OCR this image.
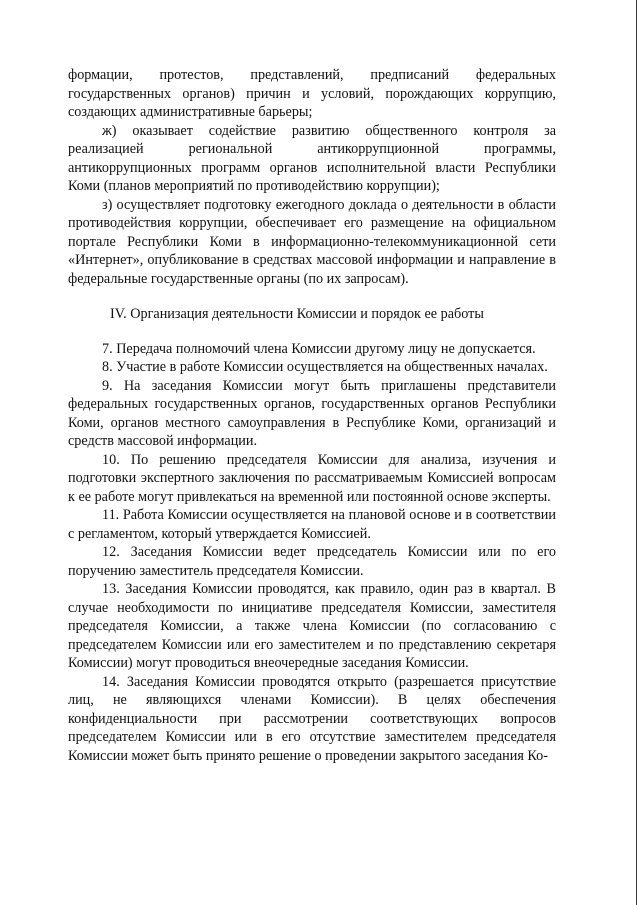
формации, протестов, представлений, предписаний федеральных государственных органов) причин и условий, порождающих коррупцию, создающих административные барьеры;

ж) оказывает содействие развитию общественного контроля за реализацией региональной антикоррупционной программы, антикоррупционных программ органов исполнительной власти Республики Коми (планов мероприятий по противодействию коррупции);

з) осуществляет подготовку ежегодного доклада о деятельности в области противодействия коррупции, обеспечивает его размещение на официальном портале Республики Коми в информационно-телекоммуникационной сети «Интернет», опубликование в средствах массовой информации и направление в федеральные государственные органы (по их запросам).

IV. Организация деятельности Комиссии и порядок ее работы

7. Передача полномочий члена Комиссии другому лицу не допускается.

8. Участие в работе Комиссии осуществляется на общественных началах.

9. На заседания Комиссии могут быть приглашены представители федеральных государственных органов, государственных органов Республики Коми, органов местного самоуправления в Республике Коми, организаций и средств массовой информации.

10. По решению председателя Комиссии для анализа, изучения и подготовки экспертного заключения по рассматриваемым Комиссией вопросам к ее работе могут привлекаться на временной или постоянной основе эксперты.

11. Работа Комиссии осуществляется на плановой основе и в соответствии с регламентом, который утверждается Комиссией.

12. Заседания Комиссии ведет председатель Комиссии или по его поручению заместитель председателя Комиссии.

13. Заседания Комиссии проводятся, как правило, один раз в квартал. В случае необходимости по инициативе председателя Комиссии, заместителя председателя Комиссии, а также члена Комиссии (по согласованию с председателем Комиссии или его заместителем и по представлению секретаря Комиссии) могут проводиться внеочередные заседания Комиссии.

14. Заседания Комиссии проводятся открыто (разрешается присутствие лиц, не являющихся членами Комиссии). В целях обеспечения конфиденциальности при рассмотрении соответствующих вопросов председателем Комиссии или в его отсутствие заместителем председателя Комиссии может быть принято решение о проведении закрытого заседания Ко-
